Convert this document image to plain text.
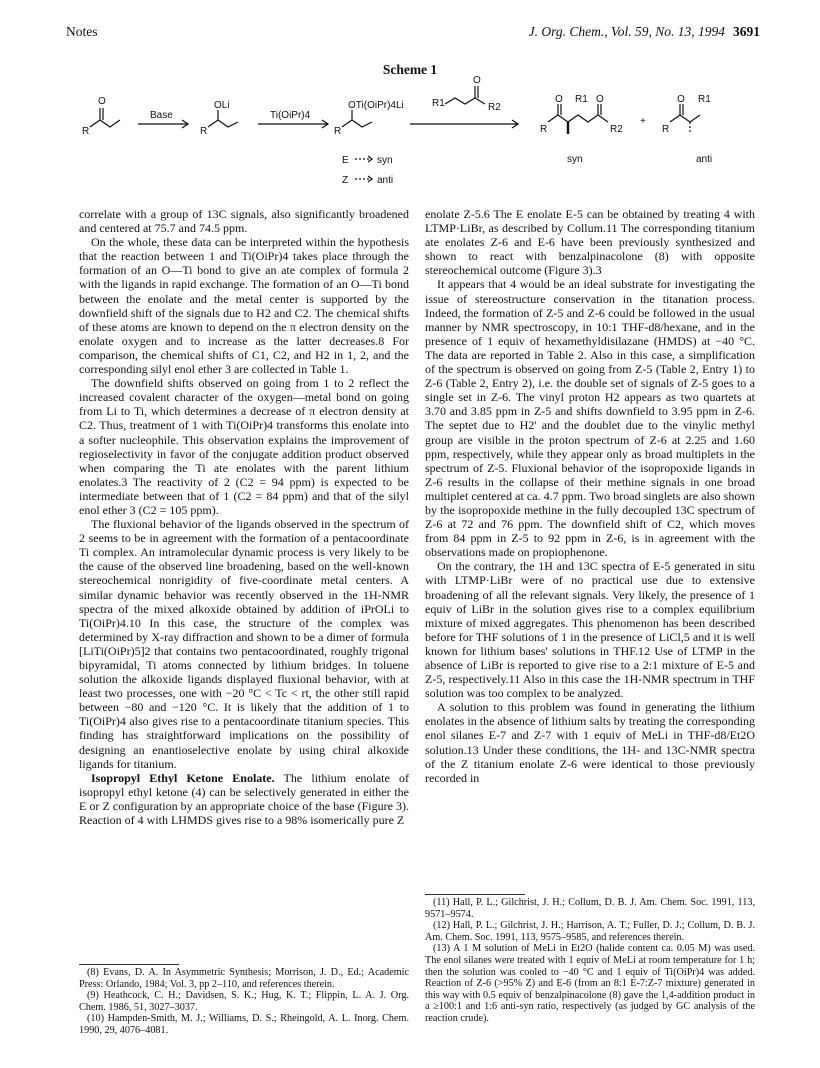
Notes	J. Org. Chem., Vol. 59, No. 13, 1994 3691
Scheme 1
O
R
Base
OLi
R
Ti(OiPr)4
OTi(OiPr)4Li
R
O
R1	R2
O R1 O
R	R2
+
O R1
R
E	syn
Z	anti
syn	anti

correlate with a group of 13C signals, also significantly broadened and centered at 75.7 and 74.5 ppm.

On the whole, these data can be interpreted within the hypothesis that the reaction between 1 and Ti(OiPr)4 takes place through the formation of an O—Ti bond to give an ate complex of formula 2 with the ligands in rapid exchange. The formation of an O—Ti bond between the enolate and the metal center is supported by the downfield shift of the signals due to H2 and C2. The chemical shifts of these atoms are known to depend on the π electron density on the enolate oxygen and to increase as the latter decreases.8 For comparison, the chemical shifts of C1, C2, and H2 in 1, 2, and the corresponding silyl enol ether 3 are collected in Table 1.

The downfield shifts observed on going from 1 to 2 reflect the increased covalent character of the oxygen—metal bond on going from Li to Ti, which determines a decrease of π electron density at C2. Thus, treatment of 1 with Ti(OiPr)4 transforms this enolate into a softer nucleophile. This observation explains the improvement of regioselectivity in favor of the conjugate addition product observed when comparing the Ti ate enolates with the parent lithium enolates.3 The reactivity of 2 (C2 = 94 ppm) is expected to be intermediate between that of 1 (C2 = 84 ppm) and that of the silyl enol ether 3 (C2 = 105 ppm).

The fluxional behavior of the ligands observed in the spectrum of 2 seems to be in agreement with the formation of a pentacoordinate Ti complex. An intramolecular dynamic process is very likely to be the cause of the observed line broadening, based on the well-known stereochemical nonrigidity of five-coordinate metal centers. A similar dynamic behavior was recently observed in the 1H-NMR spectra of the mixed alkoxide obtained by addition of iPrOLi to Ti(OiPr)4.10 In this case, the structure of the complex was determined by X-ray diffraction and shown to be a dimer of formula [LiTi(OiPr)5]2 that contains two pentacoordinated, roughly trigonal bipyramidal, Ti atoms connected by lithium bridges. In toluene solution the alkoxide ligands displayed fluxional behavior, with at least two processes, one with −20 °C < Tc < rt, the other still rapid between −80 and −120 °C. It is likely that the addition of 1 to Ti(OiPr)4 also gives rise to a pentacoordinate titanium species. This finding has straightforward implications on the possibility of designing an enantioselective enolate by using chiral alkoxide ligands for titanium.

Isopropyl Ethyl Ketone Enolate. The lithium enolate of isopropyl ethyl ketone (4) can be selectively generated in either the E or Z configuration by an appropriate choice of the base (Figure 3). Reaction of 4 with LHMDS gives rise to a 98% isomerically pure Z

enolate Z-5.6 The E enolate E-5 can be obtained by treating 4 with LTMP·LiBr, as described by Collum.11 The corresponding titanium ate enolates Z-6 and E-6 have been previously synthesized and shown to react with benzalpinacolone (8) with opposite stereochemical outcome (Figure 3).3

It appears that 4 would be an ideal substrate for investigating the issue of stereostructure conservation in the titanation process. Indeed, the formation of Z-5 and Z-6 could be followed in the usual manner by NMR spectroscopy, in 10:1 THF-d8/hexane, and in the presence of 1 equiv of hexamethyldisilazane (HMDS) at −40 °C. The data are reported in Table 2. Also in this case, a simplification of the spectrum is observed on going from Z-5 (Table 2, Entry 1) to Z-6 (Table 2, Entry 2), i.e. the double set of signals of Z-5 goes to a single set in Z-6. The vinyl proton H2 appears as two quartets at 3.70 and 3.85 ppm in Z-5 and shifts downfield to 3.95 ppm in Z-6. The septet due to H2' and the doublet due to the vinylic methyl group are visible in the proton spectrum of Z-6 at 2.25 and 1.60 ppm, respectively, while they appear only as broad multiplets in the spectrum of Z-5. Fluxional behavior of the isopropoxide ligands in Z-6 results in the collapse of their methine signals in one broad multiplet centered at ca. 4.7 ppm. Two broad singlets are also shown by the isopropoxide methine in the fully decoupled 13C spectrum of Z-6 at 72 and 76 ppm. The downfield shift of C2, which moves from 84 ppm in Z-5 to 92 ppm in Z-6, is in agreement with the observations made on propiophenone.

On the contrary, the 1H and 13C spectra of E-5 generated in situ with LTMP·LiBr were of no practical use due to extensive broadening of all the relevant signals. Very likely, the presence of 1 equiv of LiBr in the solution gives rise to a complex equilibrium mixture of mixed aggregates. This phenomenon has been described before for THF solutions of 1 in the presence of LiCl,5 and it is well known for lithium bases' solutions in THF.12 Use of LTMP in the absence of LiBr is reported to give rise to a 2:1 mixture of E-5 and Z-5, respectively.11 Also in this case the 1H-NMR spectrum in THF solution was too complex to be analyzed.

A solution to this problem was found in generating the lithium enolates in the absence of lithium salts by treating the corresponding enol silanes E-7 and Z-7 with 1 equiv of MeLi in THF-d8/Et2O solution.13 Under these conditions, the 1H- and 13C-NMR spectra of the Z titanium enolate Z-6 were identical to those previously recorded in

(8) Evans, D. A. In Asymmetric Synthesis; Morrison, J. D., Ed.; Academic Press: Orlando, 1984; Vol. 3, pp 2–110, and references therein.

(9) Heathcock, C. H.; Davidsen, S. K.; Hug, K. T.; Flippin, L. A. J. Org. Chem. 1986, 51, 3027–3037.

(10) Hampden-Smith, M. J.; Williams, D. S.; Rheingold, A. L. Inorg. Chem. 1990, 29, 4076–4081.

(11) Hall, P. L.; Gilchrist, J. H.; Collum, D. B. J. Am. Chem. Soc. 1991, 113, 9571–9574.

(12) Hall, P. L.; Gilchrist, J. H.; Harrison, A. T.; Fuller, D. J.; Collum, D. B. J. Am. Chem. Soc. 1991, 113, 9575–9585, and references therein.

(13) A 1 M solution of MeLi in Et2O (halide content ca. 0.05 M) was used. The enol silanes were treated with 1 equiv of MeLi at room temperature for 1 h; then the solution was cooled to −40 °C and 1 equiv of Ti(OiPr)4 was added. Reaction of Z-6 (>95% Z) and E-6 (from an 8:1 E-7:Z-7 mixture) generated in this way with 0.5 equiv of benzalpinacolone (8) gave the 1,4-addition product in a ≥100:1 and 1:6 anti-syn ratio, respectively (as judged by GC analysis of the reaction crude).
